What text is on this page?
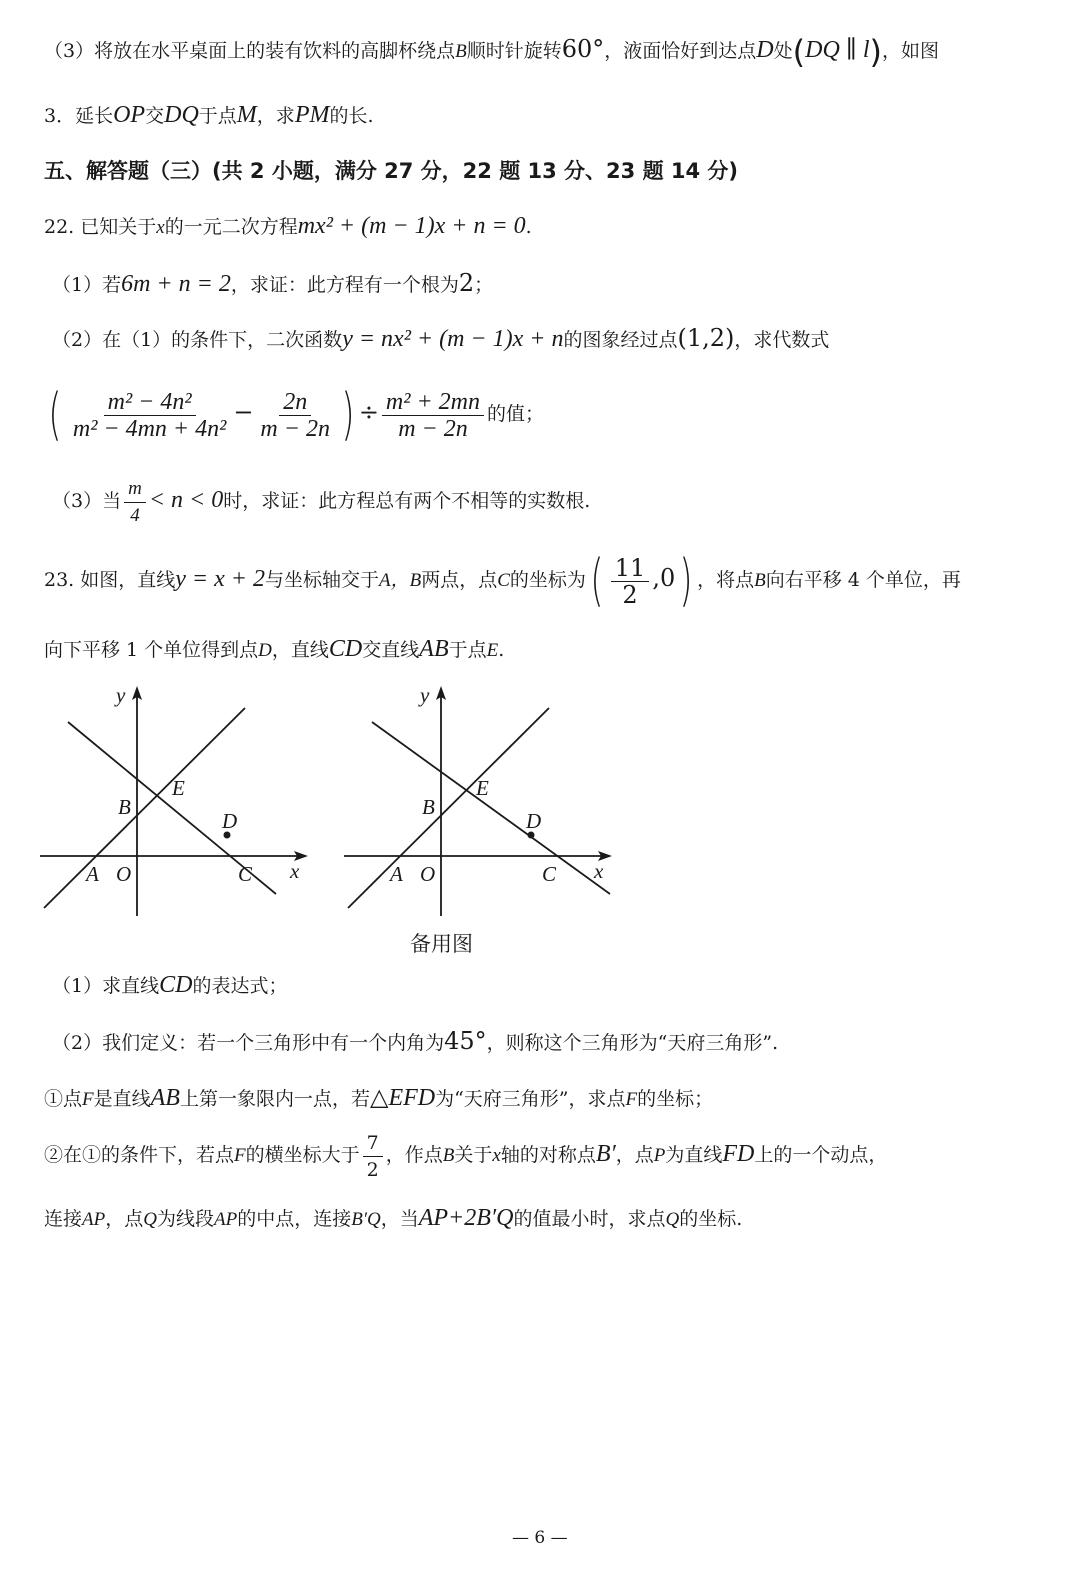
（3）将放在水平桌面上的装有饮料的高脚杯绕点B顺时针旋转60°，液面恰好到达点D处(DQ ∥ l)，如图
3．延长OP交DQ于点M，求PM的长.
五、解答题（三）(共 2 小题，满分 27 分，22 题 13 分、23 题 14 分)
22. 已知关于x的一元二次方程mx² + (m − 1)x + n = 0.
（1）若6m + n = 2，求证：此方程有一个根为2；
（2）在（1）的条件下，二次函数y = nx² + (m − 1)x + n的图象经过点(1,2)，求代数式
( $\frac{\text{m² − 4n²}}{\text{m² − 4mn + 4n²}} - \frac{2n}{m - 2n}$ ) ÷ $\frac{\text{m² + 2mn}}{m - 2n}$ 的值；
（3）当 $\frac{m}{4} < n < 0$时，求证：此方程总有两个不相等的实数根.
23. 如图，直线y = x + 2与坐标轴交于A，B两点，点C的坐标为( $\frac{11}{2} ,0$) ，将点B向右平移 4 个单位，再
向下平移 1 个单位得到点D，直线CD交直线AB于点E.
y
x
A O
B
C
D
E
y
x
A O
B
C
D
E
备用图
（1）求直线CD的表达式；
（2）我们定义：若一个三角形中有一个内角为45°，则称这个三角形为“天府三角形”.
①点F是直线AB上第一象限内一点，若△EFD为“天府三角形”，求点F的坐标；
②在①的条件下，若点F的横坐标大于 $\frac{7}{2}$ ，作点B关于x轴的对称点B′，点P为直线FD上的一个动点，
连接AP，点Q为线段AP的中点，连接B′Q，当AP+2B′Q的值最小时，求点Q的坐标.
— 6 —
